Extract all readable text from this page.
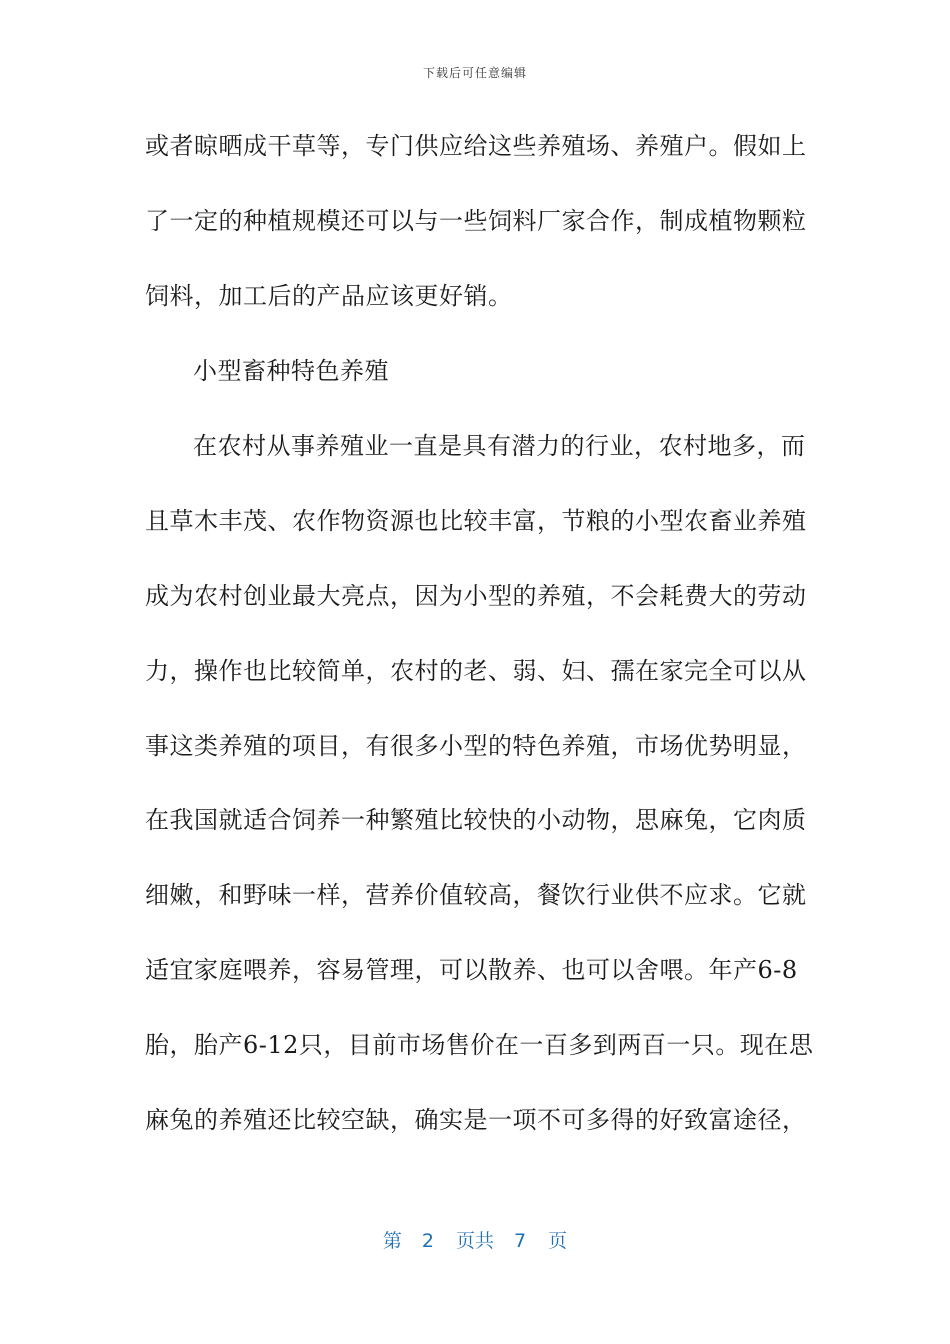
下载后可任意编辑
或者晾晒成干草等，专门供应给这些养殖场、养殖户。假如上
了一定的种植规模还可以与一些饲料厂家合作，制成植物颗粒
饲料，加工后的产品应该更好销。
小型畜种特色养殖
在农村从事养殖业一直是具有潜力的行业，农村地多，而
且草木丰茂、农作物资源也比较丰富，节粮的小型农畜业养殖
成为农村创业最大亮点，因为小型的养殖，不会耗费大的劳动
力，操作也比较简单，农村的老、弱、妇、孺在家完全可以从
事这类养殖的项目，有很多小型的特色养殖，市场优势明显，
在我国就适合饲养一种繁殖比较快的小动物，思麻兔，它肉质
细嫩，和野味一样，营养价值较高，餐饮行业供不应求。它就
适宜家庭喂养，容易管理，可以散养、也可以舍喂。年产6-8
胎，胎产6-12只，目前市场售价在一百多到两百一只。现在思
麻兔的养殖还比较空缺，确实是一项不可多得的好致富途径，
第 2 页共 7 页
